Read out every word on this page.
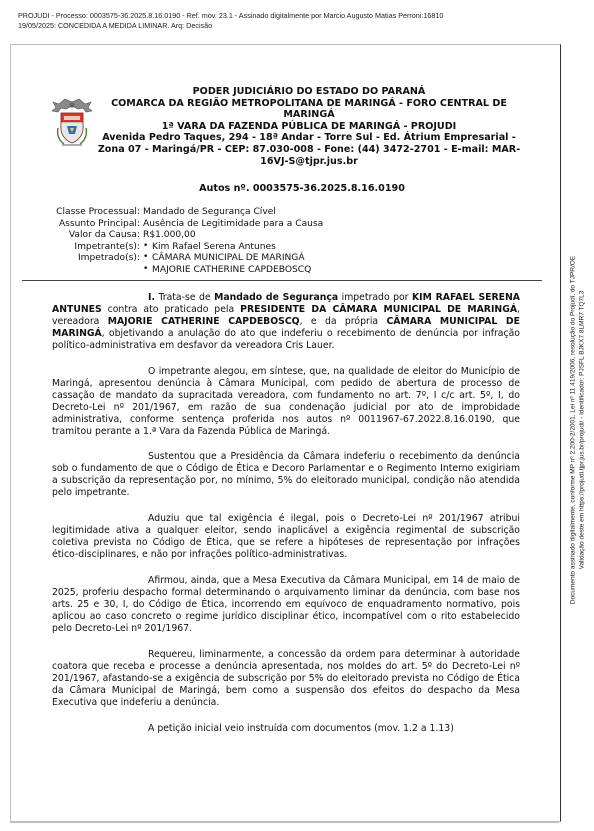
PROJUDI - Processo: 0003575-36.2025.8.16.0190 - Ref. mov. 23.1 - Assinado digitalmente por Marcio Augusto Matias Perroni:16810
19/05/2025: CONCEDIDA A MEDIDA LIMINAR. Arq: Decisão
Documento assinado digitalmente, conforme MP nº 2.200-2/2001, Lei nº 11.419/2006, resolução do Projudi, do TJPR/OE Validação deste em https://projudi.tjpr.jus.br/projudi/ - Identificador: PJSFL BJKX7 8LMR7 TQ7L3
PODER JUDICIÁRIO DO ESTADO DO PARANÁ
COMARCA DA REGIÃO METROPOLITANA DE MARINGÁ - FORO CENTRAL DE MARINGÁ
1ª VARA DA FAZENDA PÚBLICA DE MARINGÁ - PROJUDI
Avenida Pedro Taques, 294 - 18ª Andar - Torre Sul - Ed. Átrium Empresarial - Zona 07 - Maringá/PR - CEP: 87.030-008 - Fone: (44) 3472-2701 - E-mail: MAR-16VJ-S@tjpr.jus.br
Autos nº. 0003575-36.2025.8.16.0190
Classe Processual: Mandado de Segurança Cível
Assunto Principal: Ausência de Legitimidade para a Causa
Valor da Causa: R$1.000,00
Impetrante(s):	• Kim Rafael Serena Antunes
Impetrado(s):	• CÂMARA MUNICIPAL DE MARINGÁ
• MAJORIE CATHERINE CAPDEBOSCQ

I. Trata-se de Mandado de Segurança impetrado por KIM RAFAEL SERENA ANTUNES contra ato praticado pela PRESIDENTE DA CÂMARA MUNICIPAL DE MARINGÁ, vereadora MAJORIE CATHERINE CAPDEBOSCQ, e da própria CÂMARA MUNICIPAL DE MARINGÁ, objetivando a anulação do ato que indeferiu o recebimento de denúncia por infração político-administrativa em desfavor da vereadora Cris Lauer.

O impetrante alegou, em síntese, que, na qualidade de eleitor do Município de Maringá, apresentou denúncia à Câmara Municipal, com pedido de abertura de processo de cassação de mandato da supracitada vereadora, com fundamento no art. 7º, I c/c art. 5º, I, do Decreto-Lei nº 201/1967, em razão de sua condenação judicial por ato de improbidade administrativa, conforme sentença proferida nos autos nº 0011967-67.2022.8.16.0190, que tramitou perante a 1.ª Vara da Fazenda Pública de Maringá.

Sustentou que a Presidência da Câmara indeferiu o recebimento da denúncia sob o fundamento de que o Código de Ética e Decoro Parlamentar e o Regimento Interno exigiriam a subscrição da representação por, no mínimo, 5% do eleitorado municipal, condição não atendida pelo impetrante.

Aduziu que tal exigência é ilegal, pois o Decreto-Lei nº 201/1967 atribui legitimidade ativa a qualquer eleitor, sendo inaplicável a exigência regimental de subscrição coletiva prevista no Código de Ética, que se refere a hipóteses de representação por infrações ético-disciplinares, e não por infrações político-administrativas.

Afirmou, ainda, que a Mesa Executiva da Câmara Municipal, em 14 de maio de 2025, proferiu despacho formal determinando o arquivamento liminar da denúncia, com base nos arts. 25 e 30, I, do Código de Ética, incorrendo em equívoco de enquadramento normativo, pois aplicou ao caso concreto o regime jurídico disciplinar ético, incompatível com o rito estabelecido pelo Decreto-Lei nº 201/1967.

Requereu, liminarmente, a concessão da ordem para determinar à autoridade coatora que receba e processe a denúncia apresentada, nos moldes do art. 5º do Decreto-Lei nº 201/1967, afastando-se a exigência de subscrição por 5% do eleitorado prevista no Código de Ética da Câmara Municipal de Maringá, bem como a suspensão dos efeitos do despacho da Mesa Executiva que indeferiu a denúncia.

A petição inicial veio instruída com documentos (mov. 1.2 a 1.13)
